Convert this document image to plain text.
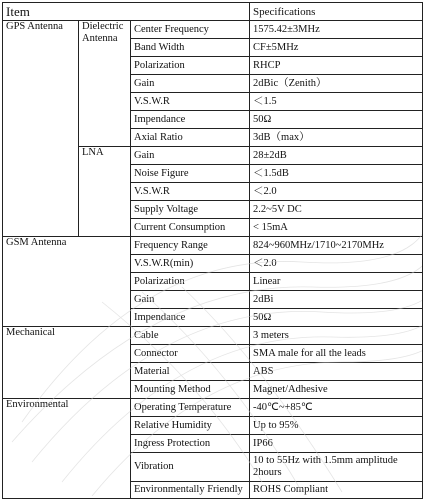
Item			Specifications
GPS Antenna	Dielectric Antenna	Center Frequency	1575.42±3MHz
		Band Width	CF±5MHz
		Polarization	RHCP
		Gain	2dBic（Zenith）
		V.S.W.R	＜1.5
		Impendance	50Ω
		Axial Ratio	3dB（max）
	LNA	Gain	28±2dB
		Noise Figure	＜1.5dB
		V.S.W.R	＜2.0
		Supply Voltage	2.2~5V DC
		Current Consumption	< 15mA
GSM Antenna		Frequency Range	824~960MHz/1710~2170MHz
		V.S.W.R(min)	＜2.0
		Polarization	Linear
		Gain	2dBi
		Impendance	50Ω
Mechanical		Cable	3 meters
		Connector	SMA male for all the leads
		Material	ABS
		Mounting Method	Magnet/Adhesive
Environmental		Operating Temperature	-40℃~+85℃
		Relative Humidity	Up to 95%
		Ingress Protection	IP66
		Vibration	10 to 55Hz with 1.5mm amplitude 2hours
		Environmentally Friendly	ROHS Compliant
